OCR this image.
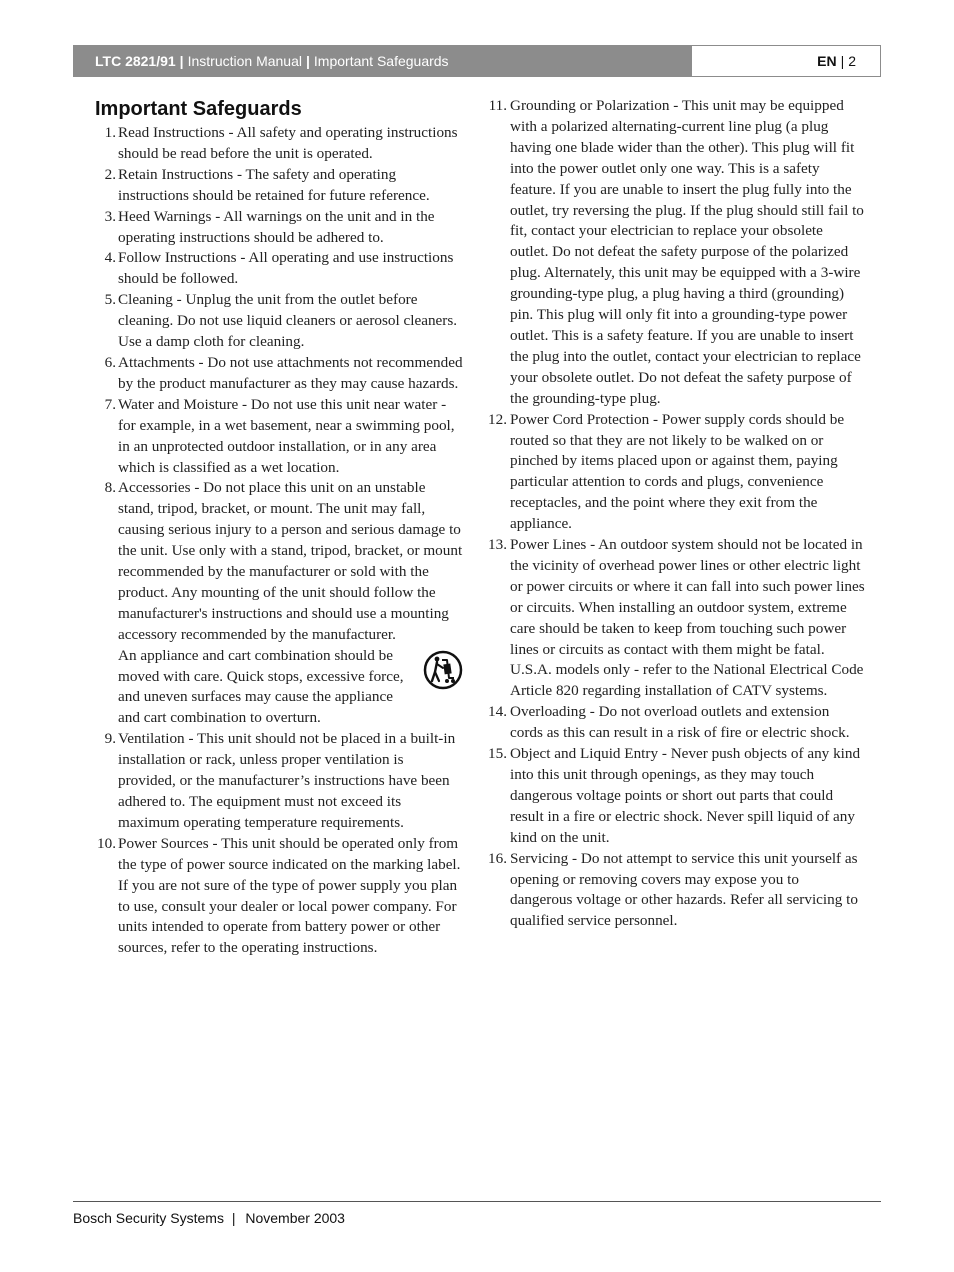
LTC 2821/91 | Instruction Manual | Important Safeguards	EN | 2
Important Safeguards
1. Read Instructions - All safety and operating instructions should be read before the unit is operated.
2. Retain Instructions - The safety and operating instructions should be retained for future reference.
3. Heed Warnings - All warnings on the unit and in the operating instructions should be adhered to.
4. Follow Instructions - All operating and use instructions should be followed.
5. Cleaning - Unplug the unit from the outlet before cleaning. Do not use liquid cleaners or aerosol cleaners. Use a damp cloth for cleaning.
6. Attachments - Do not use attachments not recommended by the product manufacturer as they may cause hazards.
7. Water and Moisture - Do not use this unit near water - for example, in a wet basement, near a swimming pool, in an unprotected outdoor installation, or in any area which is classified as a wet location.
8. Accessories - Do not place this unit on an unstable stand, tripod, bracket, or mount. The unit may fall, causing serious injury to a person and serious damage to the unit. Use only with a stand, tripod, bracket, or mount recommended by the manufacturer or sold with the product. Any mounting of the unit should follow the manufacturer's instructions and should use a mounting accessory recommended by the manufacturer.
An appliance and cart combination should be moved with care. Quick stops, excessive force, and uneven surfaces may cause the appliance and cart combination to overturn.
9. Ventilation - This unit should not be placed in a built-in installation or rack, unless proper ventilation is provided, or the manufacturer’s instructions have been adhered to. The equipment must not exceed its maximum operating temperature requirements.
10. Power Sources - This unit should be operated only from the type of power source indicated on the marking label. If you are not sure of the type of power supply you plan to use, consult your dealer or local power company. For units intended to operate from battery power or other sources, refer to the operating instructions.
11. Grounding or Polarization - This unit may be equipped with a polarized alternating-current line plug (a plug having one blade wider than the other). This plug will fit into the power outlet only one way. This is a safety feature. If you are unable to insert the plug fully into the outlet, try reversing the plug. If the plug should still fail to fit, contact your electrician to replace your obsolete outlet. Do not defeat the safety purpose of the polarized plug. Alternately, this unit may be equipped with a 3-wire grounding-type plug, a plug having a third (grounding) pin. This plug will only fit into a grounding-type power outlet. This is a safety feature. If you are unable to insert the plug into the outlet, contact your electrician to replace your obsolete outlet. Do not defeat the safety purpose of the grounding-type plug.
12. Power Cord Protection - Power supply cords should be routed so that they are not likely to be walked on or pinched by items placed upon or against them, paying particular attention to cords and plugs, convenience receptacles, and the point where they exit from the appliance.
13. Power Lines - An outdoor system should not be located in the vicinity of overhead power lines or other electric light or power circuits or where it can fall into such power lines or circuits. When installing an outdoor system, extreme care should be taken to keep from touching such power lines or circuits as contact with them might be fatal. U.S.A. models only - refer to the National Electrical Code Article 820 regarding installation of CATV systems.
14. Overloading - Do not overload outlets and extension cords as this can result in a risk of fire or electric shock.
15. Object and Liquid Entry - Never push objects of any kind into this unit through openings, as they may touch dangerous voltage points or short out parts that could result in a fire or electric shock. Never spill liquid of any kind on the unit.
16. Servicing - Do not attempt to service this unit yourself as opening or removing covers may expose you to dangerous voltage or other hazards. Refer all servicing to qualified service personnel.
Bosch Security Systems | November 2003
